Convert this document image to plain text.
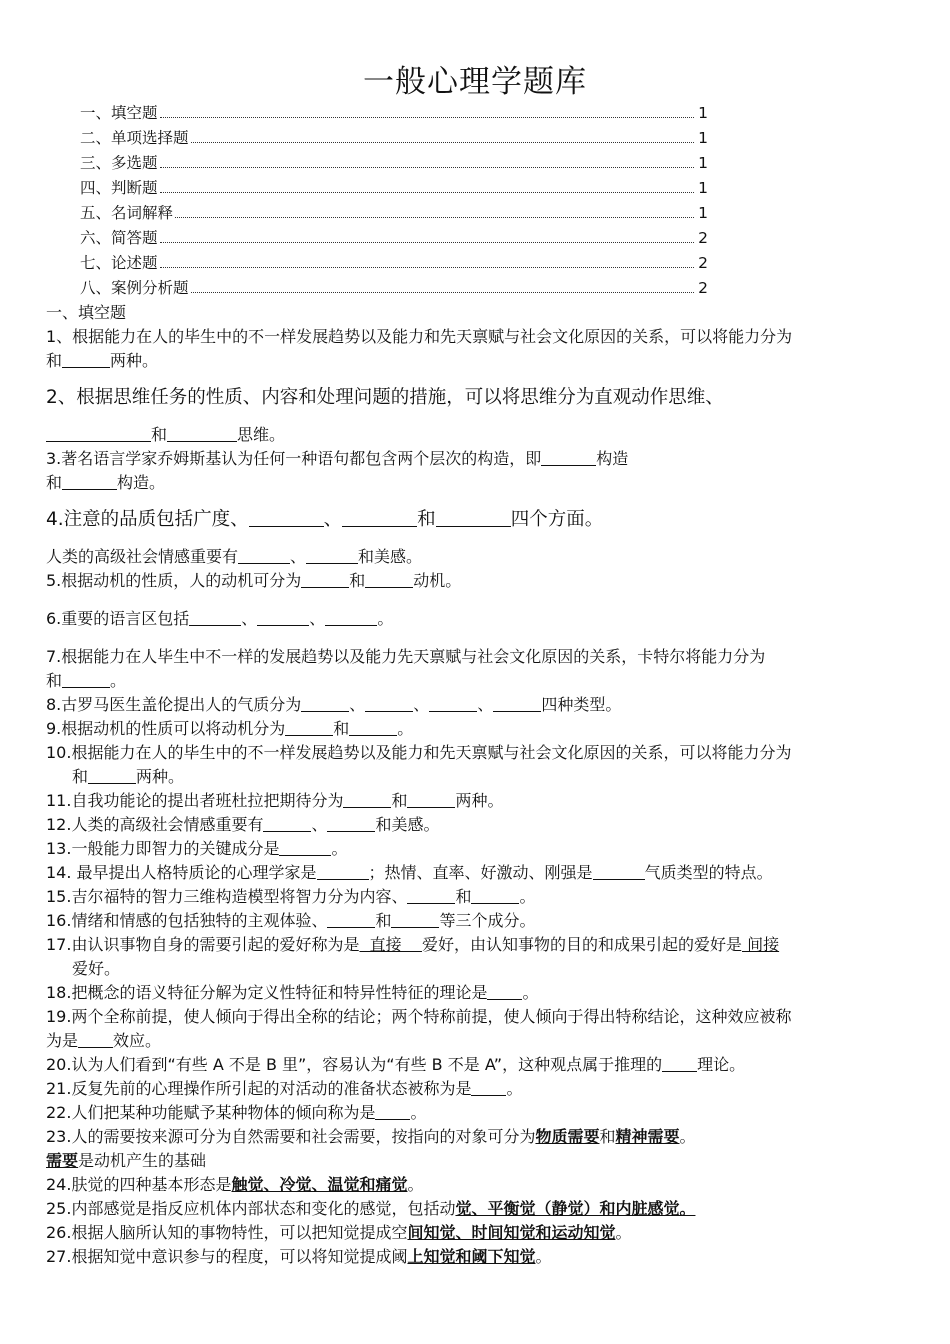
一般心理学题库
一、填空题	1
二、单项选择题	1
三、多选题	1
四、判断题	1
五、名词解释	1
六、简答题	2
七、论述题	2
八、案例分析题	2

一、填空题

1、根据能力在人的毕生中的不一样发展趋势以及能力和先天禀赋与社会文化原因的关系，可以将能力分为

和	两种。

2、根据思维任务的性质、内容和处理问题的措施，可以将思维分为直观动作思维、

和	思维。

3.著名语言学家乔姆斯基认为任何一种语句都包含两个层次的构造，即	构造

和	构造。

4.注意的品质包括广度、	、	和	四个方面。

人类的高级社会情感重要有	、	和美感。

5.根据动机的性质，人的动机可分为	和	动机。

6.重要的语言区包括	、	、	。

7.根据能力在人毕生中不一样的发展趋势以及能力先天禀赋与社会文化原因的关系，卡特尔将能力分为

和	。

8.古罗马医生盖伦提出人的气质分为	、	、	、	四种类型。

9.根据动机的性质可以将动机分为	和	。

10.根据能力在人的毕生中的不一样发展趋势以及能力和先天禀赋与社会文化原因的关系，可以将能力分为

和	两种。

11.自我功能论的提出者班杜拉把期待分为	和	两种。

12.人类的高级社会情感重要有	、	和美感。

13.一般能力即智力的关键成分是	。

14. 最早提出人格特质论的心理学家是	；热情、直率、好激动、刚强是	气质类型的特点。

15.吉尔福特的智力三维构造模型将智力分为内容、	和	。

16.情绪和情感的包括独特的主观体验、	和	等三个成分。

17.由认识事物自身的需要引起的爱好称为是  直接    爱好，由认知事物的目的和成果引起的爱好是 间接

爱好。

18.把概念的语义特征分解为定义性特征和特异性特征的理论是 。

19.两个全称前提，使人倾向于得出全称的结论；两个特称前提，使人倾向于得出特称结论，这种效应被称

为是 效应。

20.认为人们看到“有些 A 不是 B 里”，容易认为“有些 B 不是 A”，这种观点属于推理的 理论。

21.反复先前的心理操作所引起的对活动的准备状态被称为是 。

22.人们把某种功能赋予某种物体的倾向称为是 。

23.人的需要按来源可分为自然需要和社会需要，按指向的对象可分为物质需要和精神需要。

需要是动机产生的基础

24.肤觉的四种基本形态是触觉、冷觉、温觉和痛觉。

25.内部感觉是指反应机体内部状态和变化的感觉，包括动觉、平衡觉（静觉）和内脏感觉。

26.根据人脑所认知的事物特性，可以把知觉提成空间知觉、时间知觉和运动知觉。

27.根据知觉中意识参与的程度，可以将知觉提成阈上知觉和阈下知觉。
